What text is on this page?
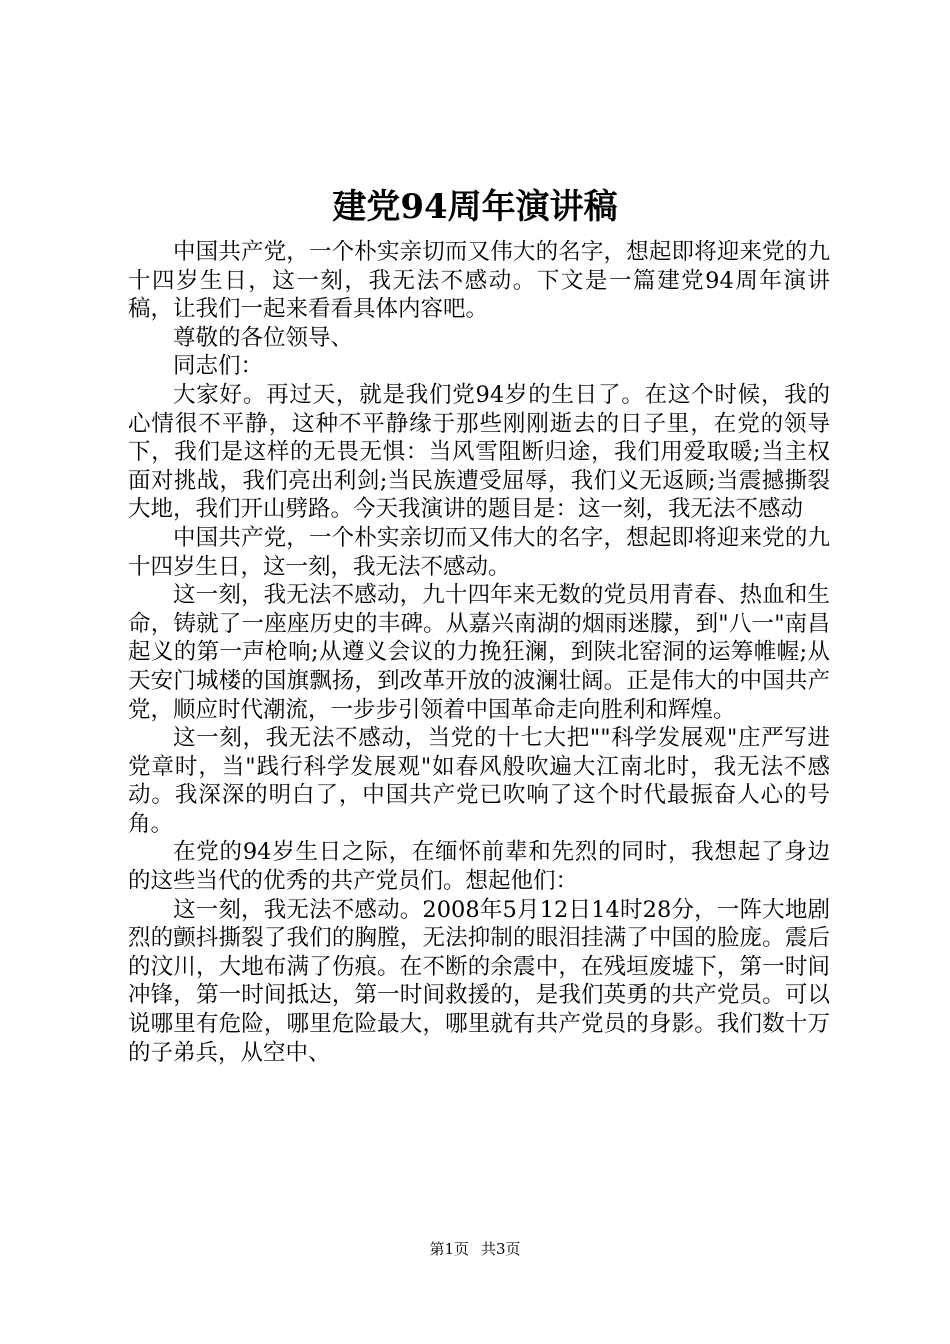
建党94周年演讲稿

中国共产党，一个朴实亲切而又伟大的名字，想起即将迎来党的九十四岁生日，这一刻，我无法不感动。下文是一篇建党94周年演讲稿，让我们一起来看看具体内容吧。

尊敬的各位领导、

同志们：

大家好。再过天，就是我们党94岁的生日了。在这个时候，我的心情很不平静，这种不平静缘于那些刚刚逝去的日子里，在党的领导下，我们是这样的无畏无惧：当风雪阻断归途，我们用爱取暖;当主权面对挑战，我们亮出利剑;当民族遭受屈辱，我们义无返顾;当震撼撕裂大地，我们开山劈路。今天我演讲的题目是：这一刻，我无法不感动

中国共产党，一个朴实亲切而又伟大的名字，想起即将迎来党的九十四岁生日，这一刻，我无法不感动。

这一刻，我无法不感动，九十四年来无数的党员用青春、热血和生命，铸就了一座座历史的丰碑。从嘉兴南湖的烟雨迷朦，到"八一"南昌起义的第一声枪响;从遵义会议的力挽狂澜，到陕北窑洞的运筹帷幄;从天安门城楼的国旗飘扬，到改革开放的波澜壮阔。正是伟大的中国共产党，顺应时代潮流，一步步引领着中国革命走向胜利和辉煌。

这一刻，我无法不感动，当党的十七大把""科学发展观"庄严写进党章时，当"践行科学发展观"如春风般吹遍大江南北时，我无法不感动。我深深的明白了，中国共产党已吹响了这个时代最振奋人心的号角。

在党的94岁生日之际，在缅怀前辈和先烈的同时，我想起了身边的这些当代的优秀的共产党员们。想起他们：

这一刻，我无法不感动。2008年5月12日14时28分，一阵大地剧烈的颤抖撕裂了我们的胸膛，无法抑制的眼泪挂满了中国的脸庞。震后的汶川，大地布满了伤痕。在不断的余震中，在残垣废墟下，第一时间冲锋，第一时间抵达，第一时间救援的，是我们英勇的共产党员。可以说哪里有危险，哪里危险最大，哪里就有共产党员的身影。我们数十万的子弟兵，从空中、

第1页 共3页
